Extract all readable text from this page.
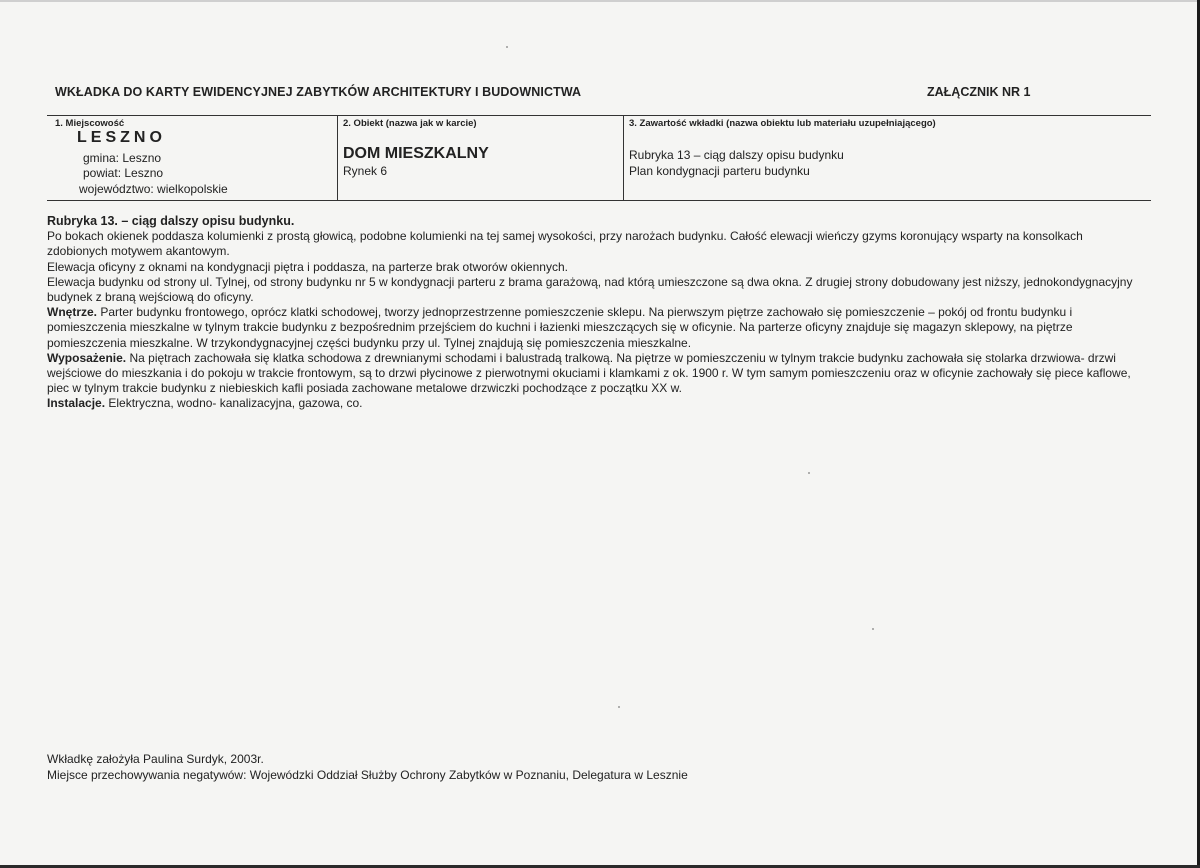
WKŁADKA DO KARTY EWIDENCYJNEJ ZABYTKÓW ARCHITEKTURY I BUDOWNICTWA	ZAŁĄCZNIK NR 1
1. Miejscowość
LESZNO
gmina: Leszno
powiat: Leszno
województwo: wielkopolskie
2. Obiekt (nazwa jak w karcie)
DOM MIESZKALNY
Rynek 6
3. Zawartość wkładki (nazwa obiektu lub materiału uzupełniającego)
Rubryka 13 – ciąg dalszy opisu budynku
Plan kondygnacji parteru budynku

Rubryka 13. – ciąg dalszy opisu budynku.

Po bokach okienek poddasza kolumienki z prostą głowicą, podobne kolumienki na tej samej wysokości, przy narożach budynku. Całość elewacji wieńczy gzyms koronujący wsparty na konsolkach zdobionych motywem akantowym.

Elewacja oficyny z oknami na kondygnacji piętra i poddasza, na parterze brak otworów okiennych.

Elewacja budynku od strony ul. Tylnej, od strony budynku nr 5 w kondygnacji parteru z brama garażową, nad którą umieszczone są dwa okna. Z drugiej strony dobudowany jest niższy, jednokondygnacyjny budynek z braną wejściową do oficyny.

Wnętrze. Parter budynku frontowego, oprócz klatki schodowej, tworzy jednoprzestrzenne pomieszczenie sklepu. Na pierwszym piętrze zachowało się pomieszczenie – pokój od frontu budynku i pomieszczenia mieszkalne w tylnym trakcie budynku z bezpośrednim przejściem do kuchni i łazienki mieszczących się w oficynie. Na parterze oficyny znajduje się magazyn sklepowy, na piętrze pomieszczenia mieszkalne. W trzykondygnacyjnej części budynku przy ul. Tylnej znajdują się pomieszczenia mieszkalne.

Wyposażenie. Na piętrach zachowała się klatka schodowa z drewnianymi schodami i balustradą tralkową. Na piętrze w pomieszczeniu w tylnym trakcie budynku zachowała się stolarka drzwiowa- drzwi wejściowe do mieszkania i do pokoju w trakcie frontowym, są to drzwi płycinowe z pierwotnymi okuciami i klamkami z ok. 1900 r. W tym samym pomieszczeniu oraz w oficynie zachowały się piece kaflowe, piec w tylnym trakcie budynku z niebieskich kafli posiada zachowane metalowe drzwiczki pochodzące z początku XX w.

Instalacje. Elektryczna, wodno- kanalizacyjna, gazowa, co.

Wkładkę założyła Paulina Surdyk, 2003r.

Miejsce przechowywania negatywów: Wojewódzki Oddział Służby Ochrony Zabytków w Poznaniu, Delegatura w Lesznie
